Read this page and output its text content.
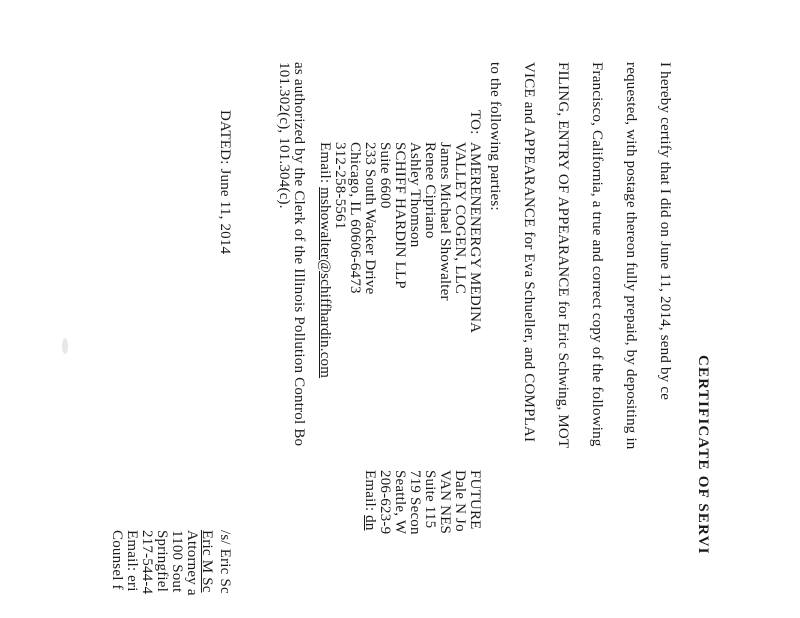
CERTIFICATE OF SERVI
I hereby certify that I did on June 11, 2014, send by ce
requested, with postage thereon fully prepaid, by depositing in
Francisco, California, a true and correct copy of the following
FILING, ENTRY OF APPEARANCE for Eric Schwing, MOT
VICE and APPEARANCE for Eva Schueller, and COMPLAI
to the following parties:
TO:
AMERENENERGY MEDINA
VALLEY COGEN, LLC
James Michael Showalter
Renee Cipriano
Ashley Thomson
SCHIFF HARDIN LLP
Suite 6600
233 South Wacker Drive
Chicago, IL 60606-6473
312-258-5561
Email: mshowalter@schiffhardin.com
FUTURE
Dale N Jo
VAN NES
Suite 115
719 Secon
Seattle, W
206-623-9
Email: dn
as authorized by the Clerk of the Illinois Pollution Control Bo
101.302(c), 101.304(c).
DATED: June 11, 2014
/s/ Eric Sc
Eric M Sc
Attorney a
1100 Sout
Springfiel
217-544-4
Email: eri
Counsel f
